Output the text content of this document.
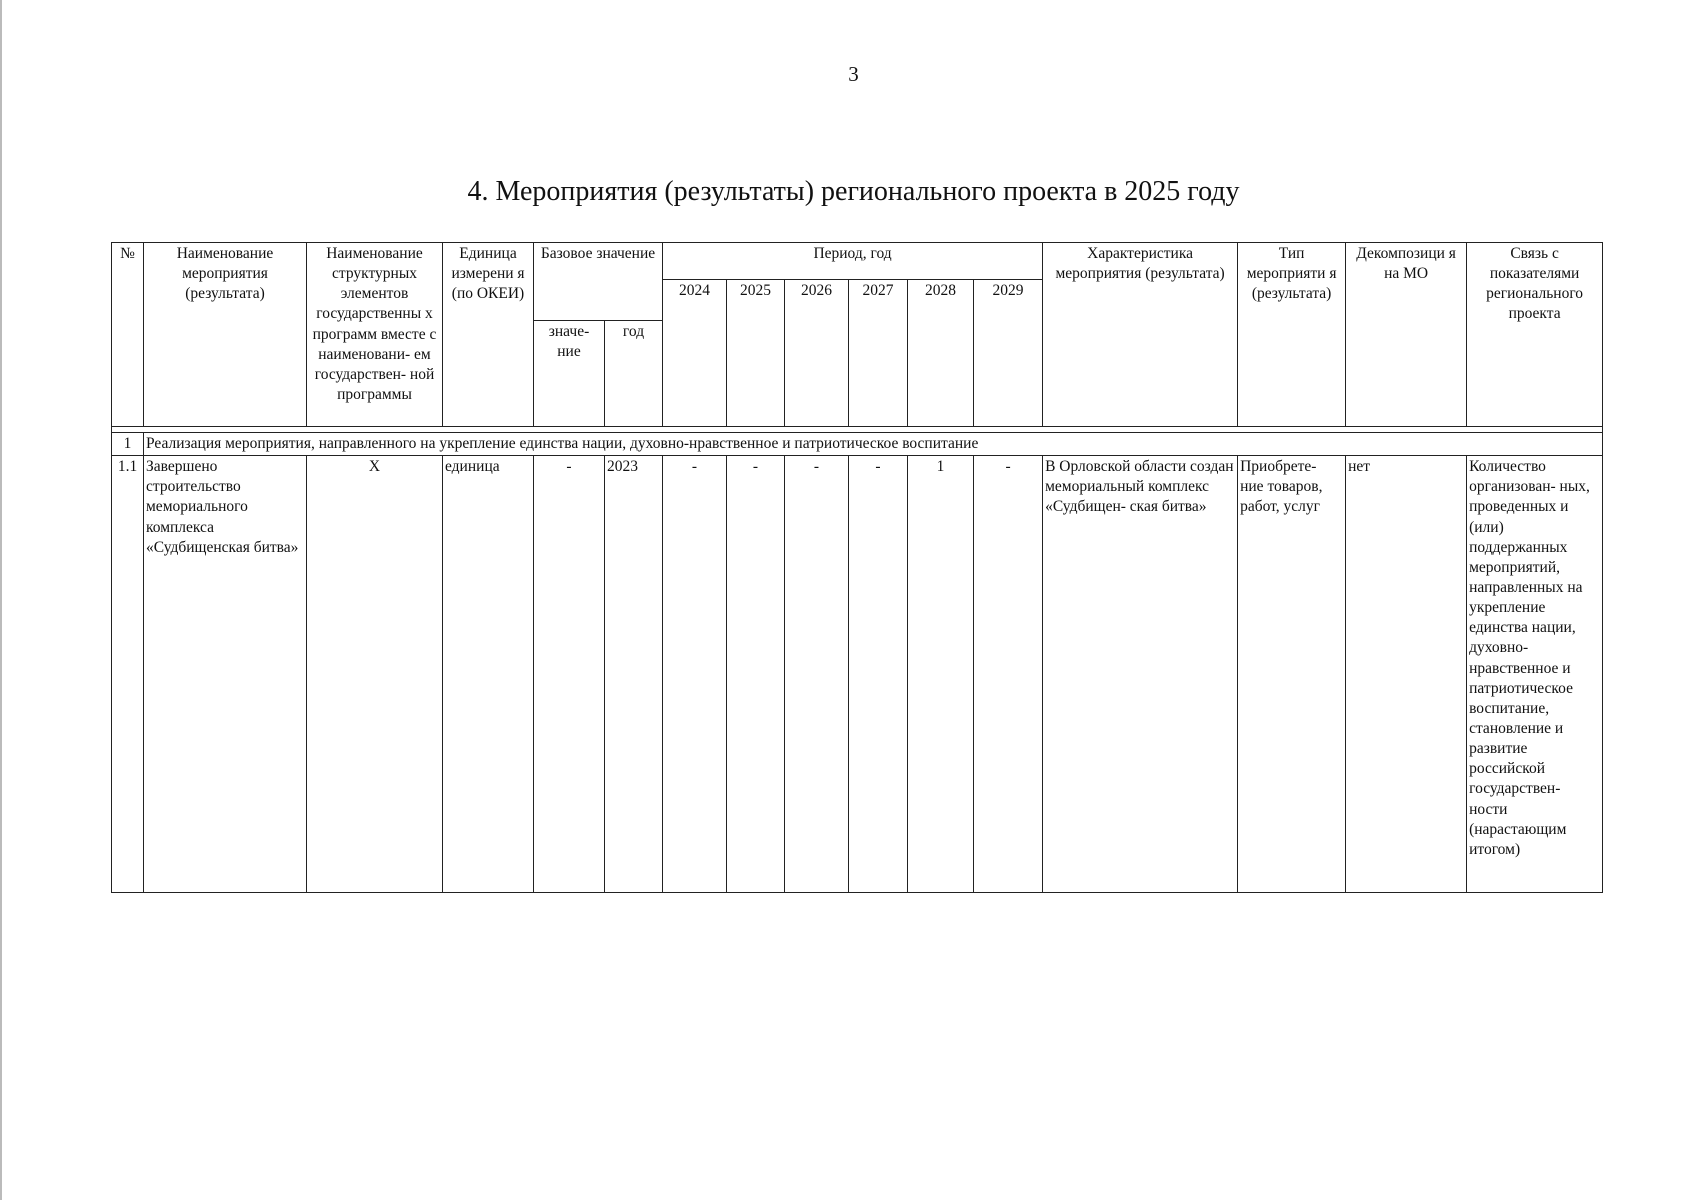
3
4. Мероприятия (результаты) регионального проекта в 2025 году
№	Наименование мероприятия (результата)	Наименование структурных элементов государственны х программ вместе с наименовани- ем государствен- ной программы	Единица измерени я (по ОКЕИ)	Базовое значение		Период, год						Характеристика мероприятия (результата)	Тип мероприяти я (результата)	Декомпозици я на МО	Связь с показателями регионального проекта
						2024	2025	2026	2027	2028	2029				
				значе- ние	год										

1	Реализация мероприятия, направленного на укрепление единства нации, духовно-нравственное и патриотическое воспитание														
1.1	Завершено строительство мемориального комплекса «Судбищенская битва»	X	единица	-	2023	-	-	-	-	1	-	В Орловской области создан мемориальный комплекс «Судбищен- ская битва»	Приобрете- ние товаров, работ, услуг	нет	Количество организован- ных, проведенных и (или) поддержанных мероприятий, направленных на укрепление единства нации, духовно- нравственное и патриотическое воспитание, становление и развитие российской государствен- ности (нарастающим итогом)
